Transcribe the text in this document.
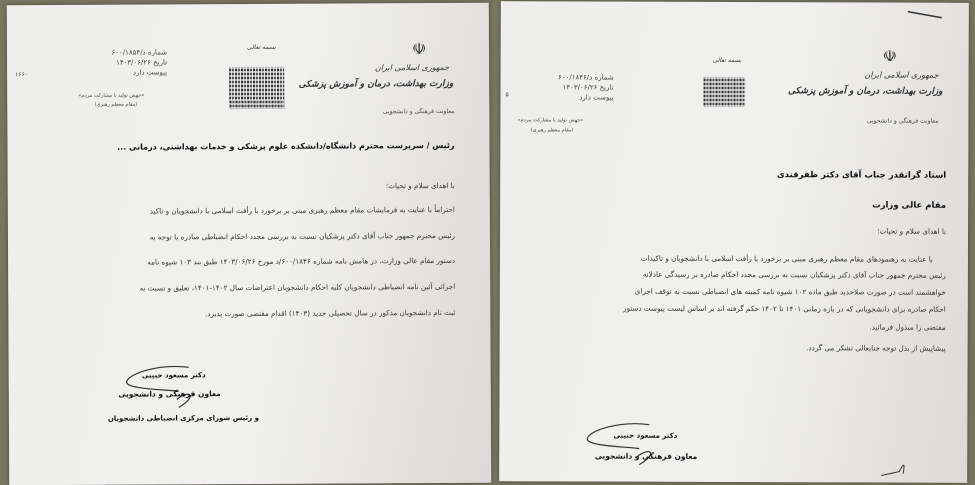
☫
جمهوری اسلامی ایران
وزارت بهداشت، درمان و آموزش پزشکی
معاونت فرهنگی و دانشجویی
بسمه تعالی
شماره د/۶۰۰/۱۸۵۴
تاریخ ۱۴۰۳/۰۶/۲۶
پیوست دارد
۱۶۶۰
«جهش تولید با مشارکت مردم»
(مقام معظم رهبری)
رئیس / سرپرست محترم دانشگاه/دانشکده علوم پزشکی و خدمات بهداشتی، درمانی ...
با اهدای سلام و تحیات؛
احتراماً با عنایت به فرمایشات مقام معظم رهبری مبنی بر برخورد با رأفت اسلامی با دانشجویان و تاکید
رئیس محترم جمهور جناب آقای دکتر پزشکیان نسبت به بررسی مجدد احکام انضباطی صادره با توجه به
دستور مقام عالی وزارت، در هامش نامه شماره ۶۰۰/۱۸۴۶/د مورخ ۱۴۰۳/۰۶/۲۶ طبق بند ۱۰۳ شیوه نامه
اجرائی آئین نامه انضباطی دانشجویان کلیه احکام دانشجویان اعتراضات سال ۱۴۰۲-۱۴۰۱، تعلیق و نسبت به
ثبت نام دانشجویان مذکور در سال تحصیلی جدید (۱۴۰۳) اقدام مقتضی صورت پذیرد.
دکتر مسعود حبیبی
معاون فرهنگی و دانشجویی
و رئیس شورای مرکزی انضباطی دانشجویان
☫
جمهوری اسلامی ایران
وزارت بهداشت، درمان و آموزش پزشکی
معاونت فرهنگی و دانشجویی
بسمه تعالی
شماره د/۶۰۰/۱۸۴۶
تاریخ ۱۴۰۳/۰۶/۲۶
پیوست دارد
۵
«جهش تولید با مشارکت مردم»
(مقام معظم رهبری)
استاد گرانقدر جناب آقای دکتر ظفرقندی
مقام عالی وزارت
با اهدای سلام و تحیات؛
با عنایت به رهنمودهای مقام معظم رهبری مبنی بر برخورد با رأفت اسلامی با دانشجویان و تاکیدات
رئیس محترم جمهور جناب آقای دکتر پزشکیان نسبت به بررسی مجدد احکام صادره بر رسیدگی عادلانه
خواهشمند است در صورت صلاحدید طبق ماده ۱۰۲ شیوه نامه کمیته های انضباطی نسبت به توقف اجرای
احکام صادره برای دانشجویانی که در بازه زمانی ۱۴۰۱ تا ۱۴۰۲ حکم گرفته اند بر اساس لیست پیوست دستور
مقتضی را مبذول فرمائید.
پیشاپیش از بذل توجه جنابعالی تشکر می گردد.
دکتر مسعود حبیبی
معاون فرهنگی و دانشجویی
